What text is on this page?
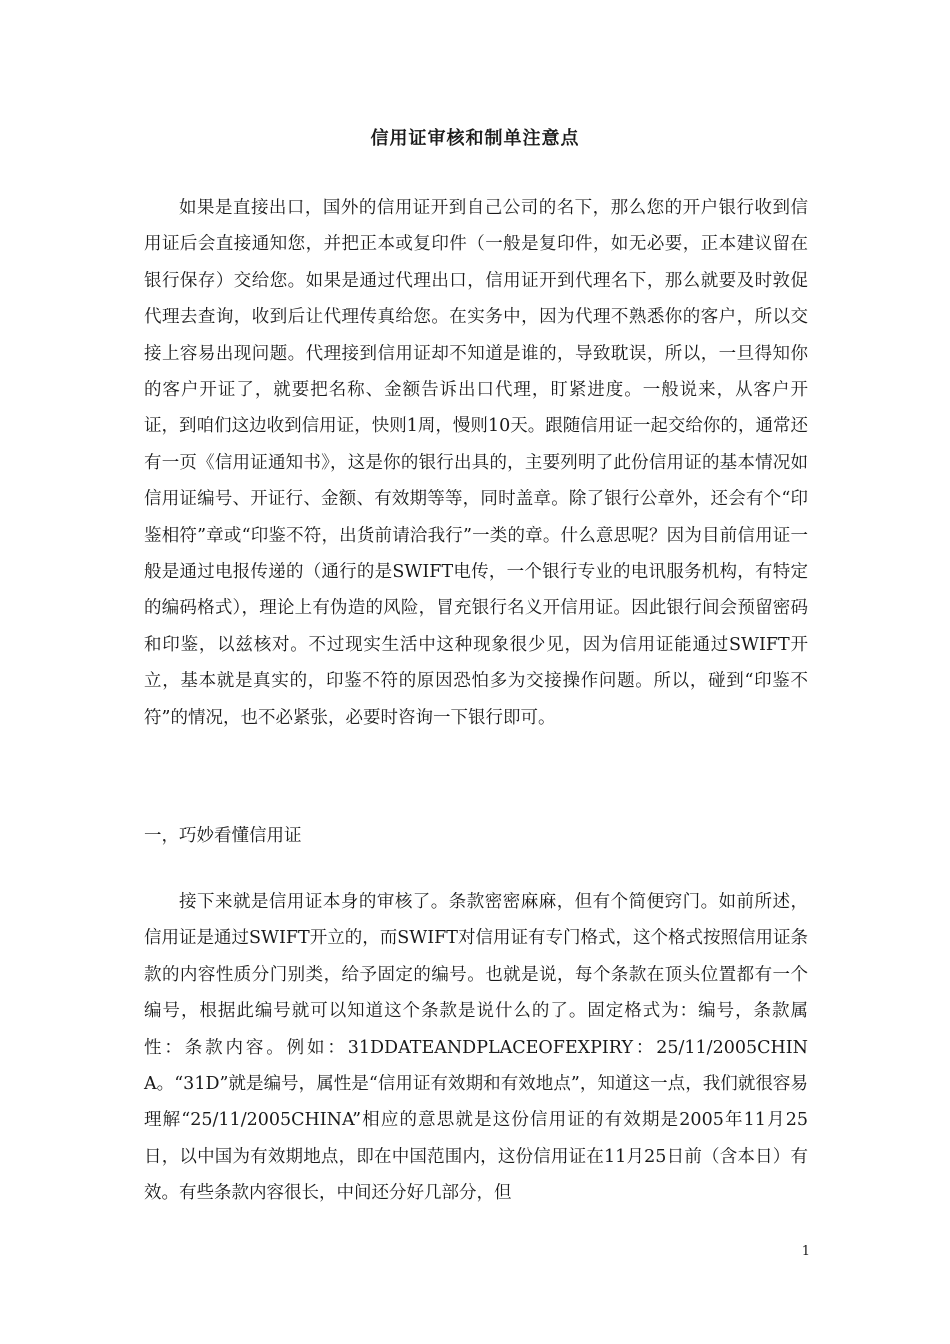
信用证审核和制单注意点

如果是直接出口，国外的信用证开到自己公司的名下，那么您的开户银行收到信用证后会直接通知您，并把正本或复印件（一般是复印件，如无必要，正本建议留在银行保存）交给您。如果是通过代理出口，信用证开到代理名下，那么就要及时敦促代理去查询，收到后让代理传真给您。在实务中，因为代理不熟悉你的客户，所以交接上容易出现问题。代理接到信用证却不知道是谁的，导致耽误，所以，一旦得知你的客户开证了，就要把名称、金额告诉出口代理，盯紧进度。一般说来，从客户开证，到咱们这边收到信用证，快则1周，慢则10天。跟随信用证一起交给你的，通常还有一页《信用证通知书》，这是你的银行出具的，主要列明了此份信用证的基本情况如信用证编号、开证行、金额、有效期等等，同时盖章。除了银行公章外，还会有个“印鉴相符”章或“印鉴不符，出货前请洽我行”一类的章。什么意思呢？因为目前信用证一般是通过电报传递的（通行的是SWIFT电传，一个银行专业的电讯服务机构，有特定的编码格式），理论上有伪造的风险，冒充银行名义开信用证。因此银行间会预留密码和印鉴，以兹核对。不过现实生活中这种现象很少见，因为信用证能通过SWIFT开立，基本就是真实的，印鉴不符的原因恐怕多为交接操作问题。所以，碰到“印鉴不符”的情况，也不必紧张，必要时咨询一下银行即可。

一，巧妙看懂信用证

接下来就是信用证本身的审核了。条款密密麻麻，但有个简便窍门。如前所述，信用证是通过SWIFT开立的，而SWIFT对信用证有专门格式，这个格式按照信用证条款的内容性质分门别类，给予固定的编号。也就是说，每个条款在顶头位置都有一个编号，根据此编号就可以知道这个条款是说什么的了。固定格式为：编号，条款属性：条款内容。例如：31DDATEANDPLACEOFEXPIRY：25/11/2005CHINA。“31D”就是编号，属性是“信用证有效期和有效地点”，知道这一点，我们就很容易理解“25/11/2005CHINA”相应的意思就是这份信用证的有效期是2005年11月25日，以中国为有效期地点，即在中国范围内，这份信用证在11月25日前（含本日）有效。有些条款内容很长，中间还分好几部分，但

1
